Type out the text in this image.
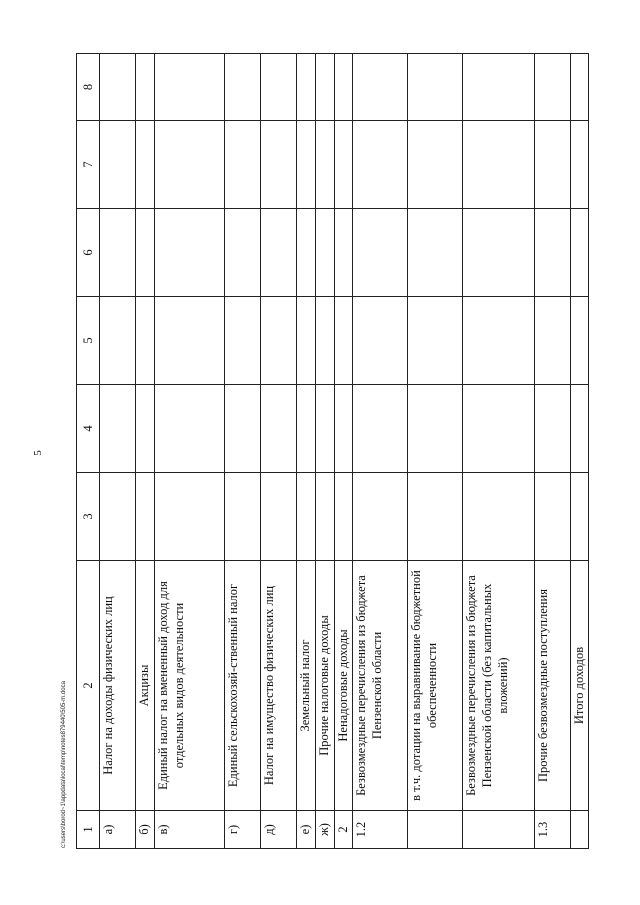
5
1	2	3	4	5	6	7	8
а)	Налог на доходы физических лиц						
б)	Акцизы						
в)	Единый налог на вмененный доход для отдельных видов деятельности						
г)	Единый сельскохозяй-ственный налог						
д)	Налог на имущество физических лиц						
е)	Земельный налог						
ж)	Прочие налоговые доходы						
2	Ненадоговые доходы						
1.2	Безвозмездные перечисления из бюджета Пензенской области						
	в т.ч. дотации на выравнивание бюджетной обеспеченности						
	Безвозмездные перечисления из бюджета Пензенской области (без капитальных вложений)						
1.3	Прочие безвозмездные поступления						
	Итого доходов						
c:\users\borod~1\appdata\local\temp\notes879440\505-m.doca
